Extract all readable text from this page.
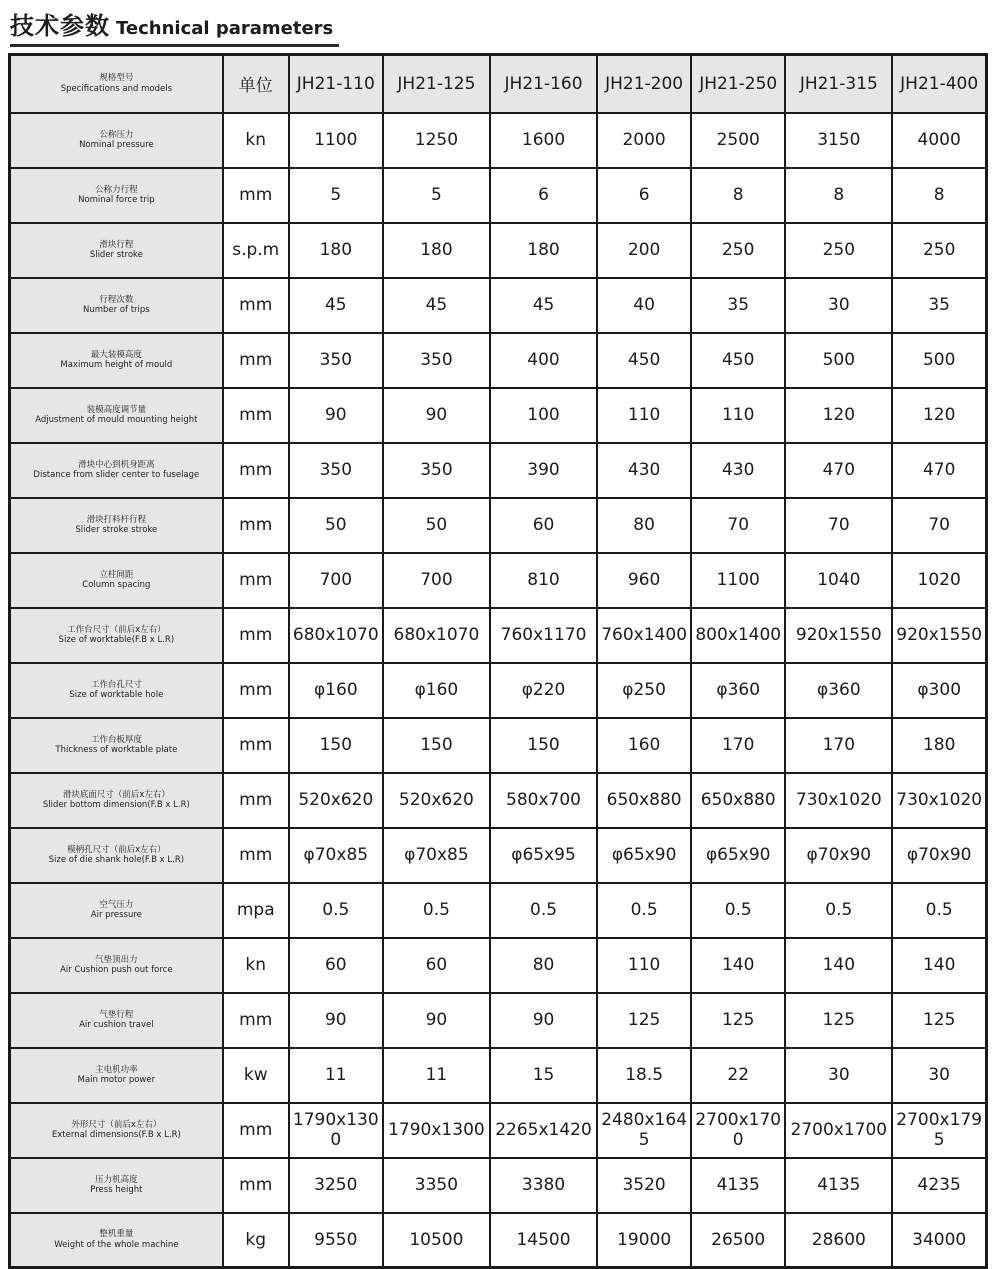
技术参数 Technical parameters
规格型号
Specifications and models	单位	JH21-110	JH21-125	JH21-160	JH21-200	JH21-250	JH21-315	JH21-400

公称压力
Nominal pressure	kn	1100	1250	1600	2000	2500	3150	4000

公称力行程
Nominal force trip	mm	5	5	6	6	8	8	8

滑块行程
Slider stroke	s.p.m	180	180	180	200	250	250	250

行程次数
Number of trips	mm	45	45	45	40	35	30	35

最大装模高度
Maximum height of mould	mm	350	350	400	450	450	500	500

装模高度调节量
Adjustment of mould mounting height	mm	90	90	100	110	110	120	120

滑块中心到机身距离
Distance from slider center to fuselage	mm	350	350	390	430	430	470	470

滑块打料杆行程
Slider stroke stroke	mm	50	50	60	80	70	70	70

立柱间距
Column spacing	mm	700	700	810	960	1100	1040	1020

工作台尺寸（前后x左右）
Size of worktable(F.B x L.R)	mm	680x1070	680x1070	760x1170	760x1400	800x1400	920x1550	920x1550

工作台孔尺寸
Size of worktable hole	mm	φ160	φ160	φ220	φ250	φ360	φ360	φ300

工作台板厚度
Thickness of worktable plate	mm	150	150	150	160	170	170	180

滑块底面尺寸（前后x左右）
Slider bottom dimension(F.B x L.R)	mm	520x620	520x620	580x700	650x880	650x880	730x1020	730x1020

模柄孔尺寸（前后x左右）
Size of die shank hole(F.B x L.R)	mm	φ70x85	φ70x85	φ65x95	φ65x90	φ65x90	φ70x90	φ70x90

空气压力
Air pressure	mpa	0.5	0.5	0.5	0.5	0.5	0.5	0.5

气垫顶出力
Air Cushion push out force	kn	60	60	80	110	140	140	140

气垫行程
Air cushion travel	mm	90	90	90	125	125	125	125

主电机功率
Main motor power	kw	11	11	15	18.5	22	30	30

外形尺寸（前后x左右）
External dimensions(F.B x L.R)	mm	1790x1300	1790x1300	2265x1420	2480x1645	2700x1700	2700x1700	2700x1795

压力机高度
Press height	mm	3250	3350	3380	3520	4135	4135	4235

整机重量
Weight of the whole machine	kg	9550	10500	14500	19000	26500	28600	34000
